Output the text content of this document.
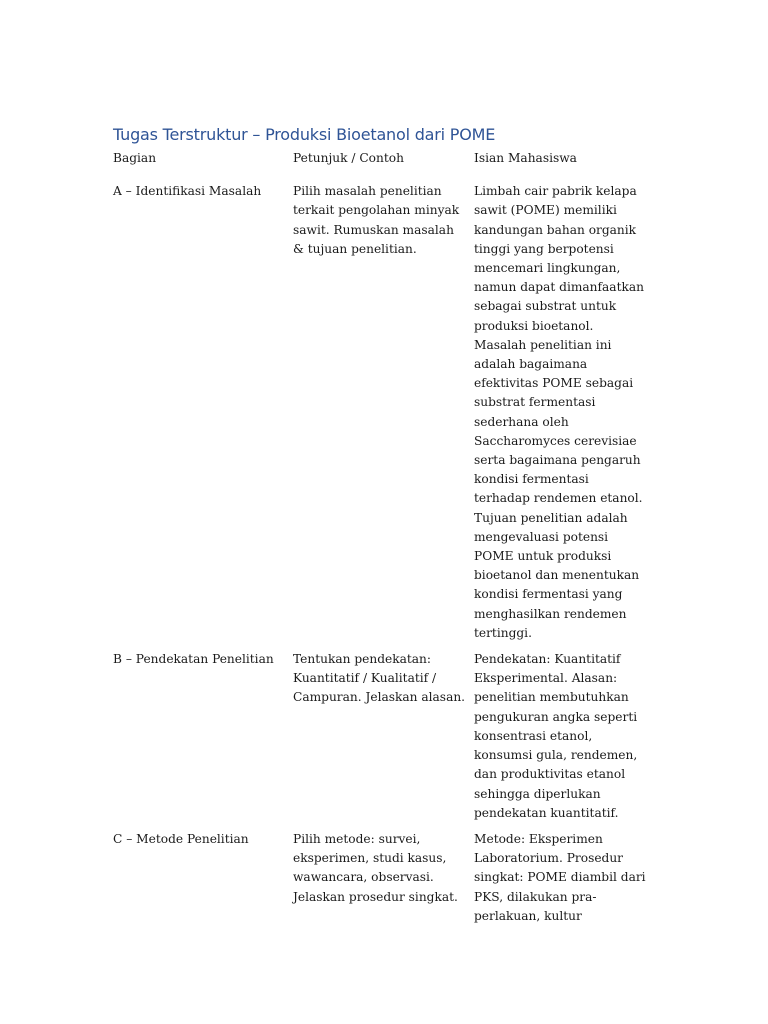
Tugas Terstruktur – Produksi Bioetanol dari POME
Bagian	Petunjuk / Contoh	Isian Mahasiswa

A – Identifikasi Masalah	Pilih masalah penelitian terkait pengolahan minyak sawit. Rumuskan masalah & tujuan penelitian.	Limbah cair pabrik kelapa sawit (POME) memiliki kandungan bahan organik tinggi yang berpotensi mencemari lingkungan, namun dapat dimanfaatkan sebagai substrat untuk produksi bioetanol. Masalah penelitian ini adalah bagaimana efektivitas POME sebagai substrat fermentasi sederhana oleh Saccharomyces cerevisiae serta bagaimana pengaruh kondisi fermentasi terhadap rendemen etanol. Tujuan penelitian adalah mengevaluasi potensi POME untuk produksi bioetanol dan menentukan kondisi fermentasi yang menghasilkan rendemen tertinggi.

B – Pendekatan Penelitian	Tentukan pendekatan: Kuantitatif / Kualitatif / Campuran. Jelaskan alasan.	Pendekatan: Kuantitatif Eksperimental. Alasan: penelitian membutuhkan pengukuran angka seperti konsentrasi etanol, konsumsi gula, rendemen, dan produktivitas etanol sehingga diperlukan pendekatan kuantitatif.

C – Metode Penelitian	Pilih metode: survei, eksperimen, studi kasus, wawancara, observasi. Jelaskan prosedur singkat.	Metode: Eksperimen Laboratorium. Prosedur singkat: POME diambil dari PKS, dilakukan pra-perlakuan, kultur
